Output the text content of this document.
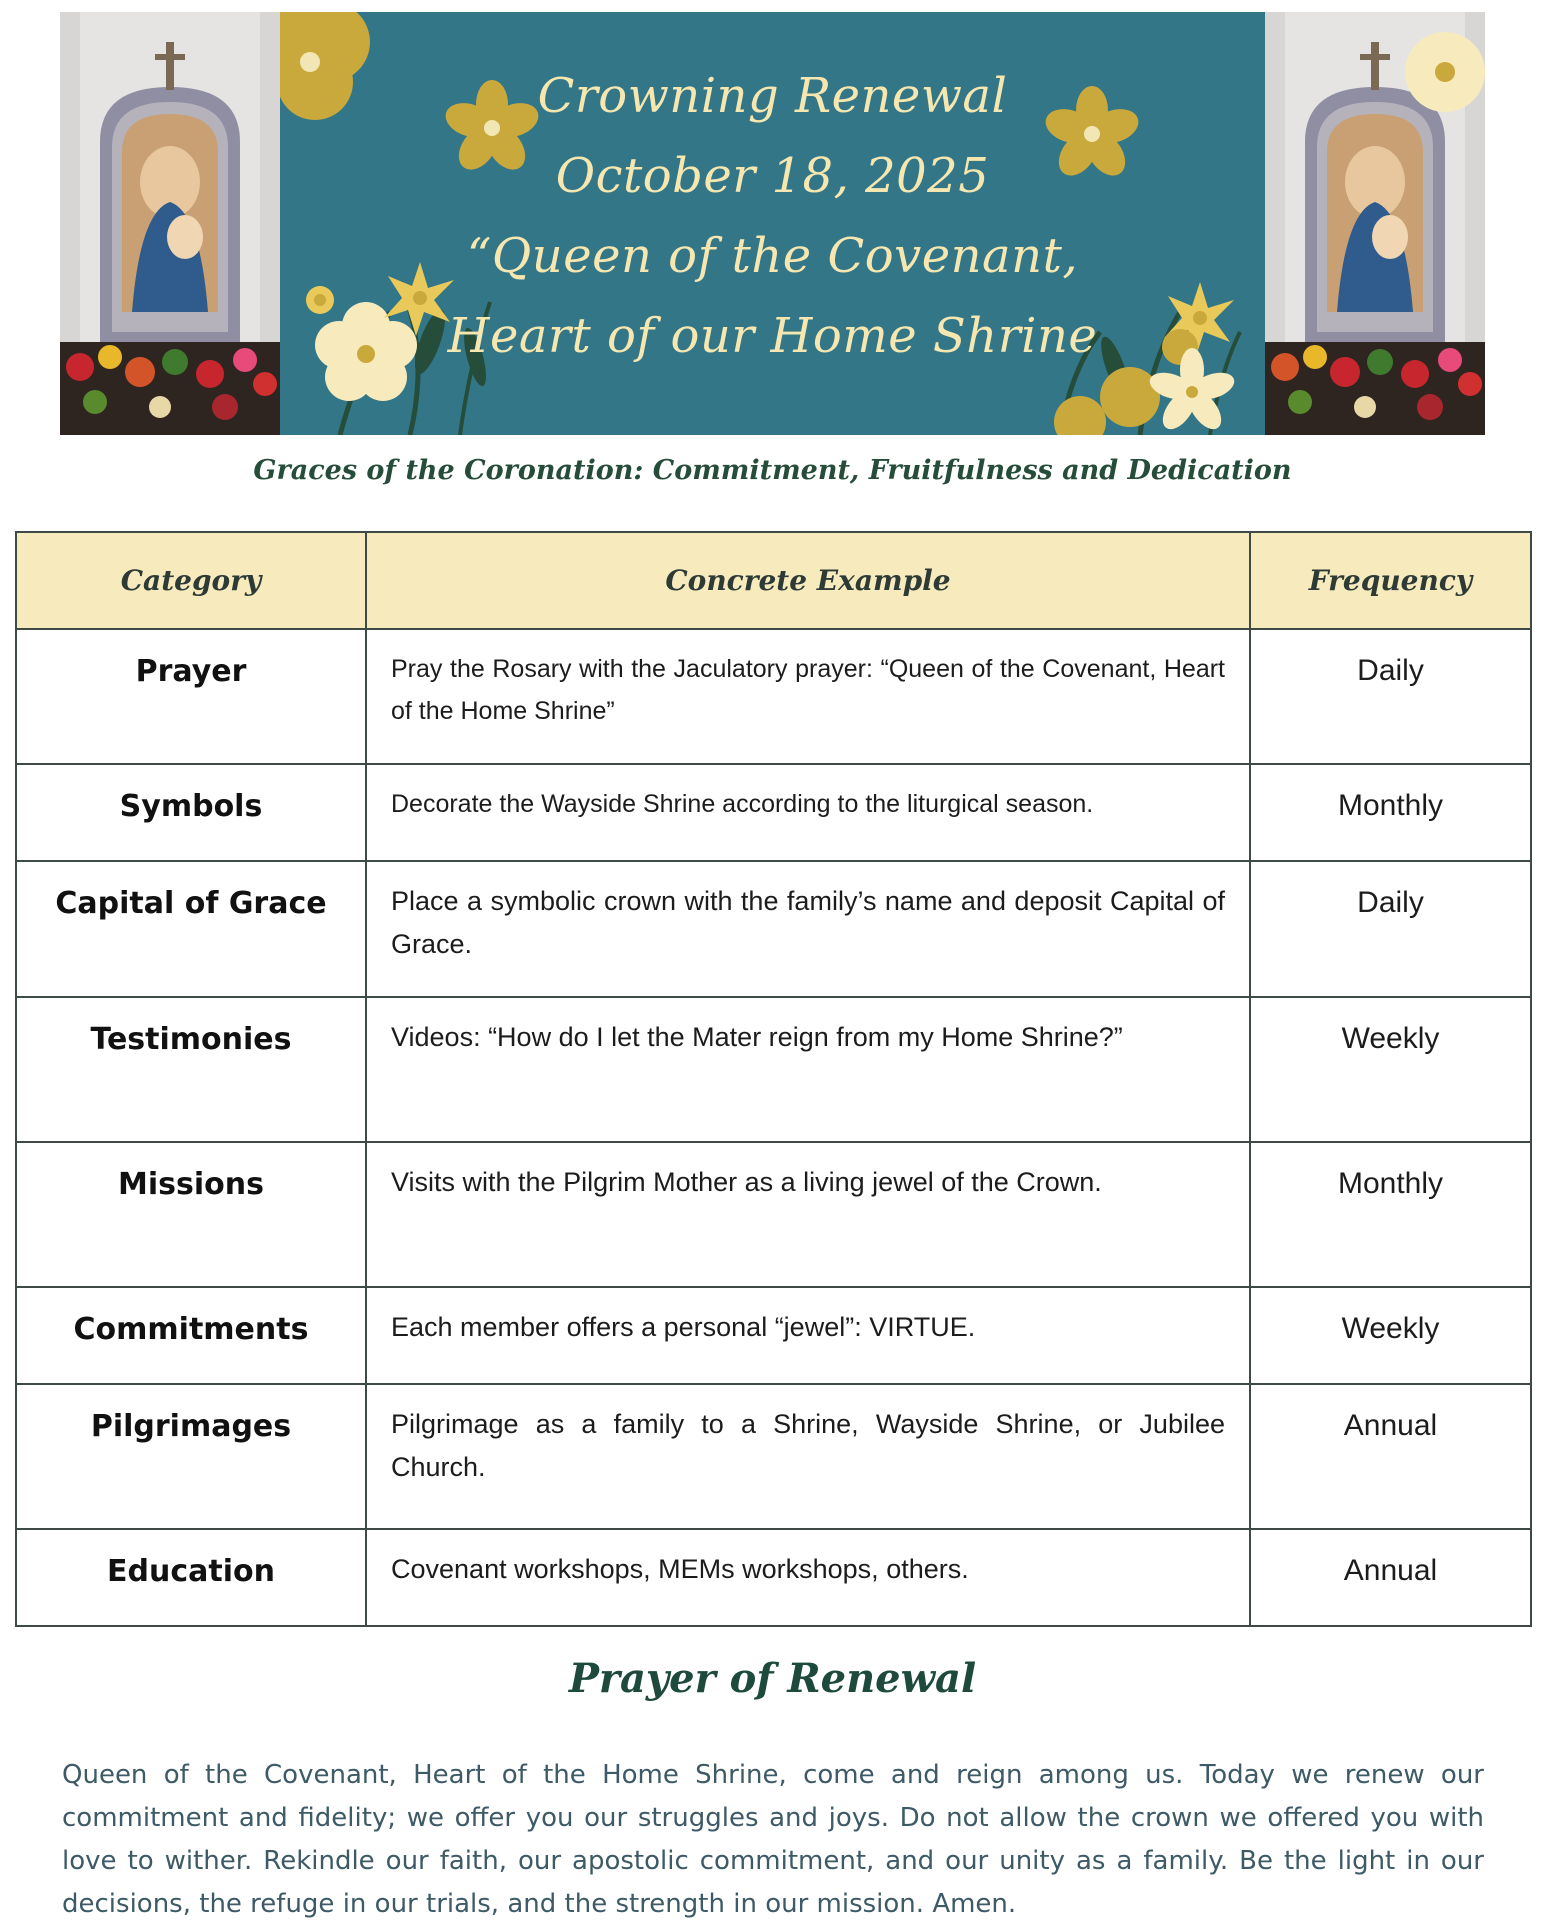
Crowning Renewal
October 18, 2025
“Queen of the Covenant,
Heart of our Home Shrine
Graces of the Coronation: Commitment, Fruitfulness and Dedication
Category	Concrete Example	Frequency
Prayer	Pray the Rosary with the Jaculatory prayer: “Queen of the Covenant, Heart of the Home Shrine”	Daily
Symbols	Decorate the Wayside Shrine according to the liturgical season.	Monthly
Capital of Grace	Place a symbolic crown with the family’s name and deposit Capital of Grace.	Daily
Testimonies	Videos: “How do I let the Mater reign from my Home Shrine?”	Weekly
Missions	Visits with the Pilgrim Mother as a living jewel of the Crown.	Monthly
Commitments	Each member offers a personal “jewel”: VIRTUE.	Weekly
Pilgrimages	Pilgrimage as a family to a Shrine, Wayside Shrine, or Jubilee Church.	Annual
Education	Covenant workshops, MEMs workshops, others.	Annual
Prayer of Renewal
Queen of the Covenant, Heart of the Home Shrine, come and reign among us. Today we renew our commitment and fidelity; we offer you our struggles and joys. Do not allow the crown we offered you with love to wither. Rekindle our faith, our apostolic commitment, and our unity as a family. Be the light in our decisions, the refuge in our trials, and the strength in our mission. Amen.
